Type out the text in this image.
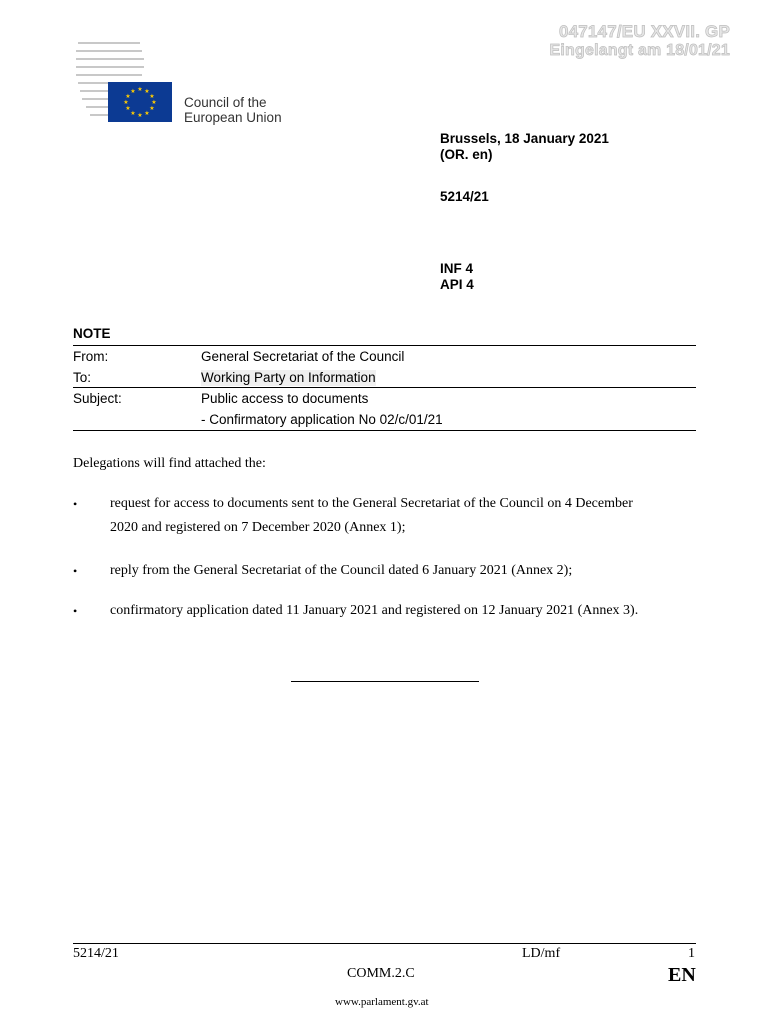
047147/EU XXVII. GP
Eingelangt am 18/01/21
★ ★
★
★
★
★
★
★
★
★
★
★
Council of the
European Union
Brussels, 18 January 2021
(OR. en)
5214/21
INF 4
API 4
NOTE
From:	General Secretariat of the Council
To:	Working Party on Information
Subject:	Public access to documents
- Confirmatory application No 02/c/01/21
Delegations will find attached the:
• request for access to documents sent to the General Secretariat of the Council on 4 December
2020 and registered on 7 December 2020 (Annex 1);
• reply from the General Secretariat of the Council dated 6 January 2021 (Annex 2);
• confirmatory application dated 11 January 2021 and registered on 12 January 2021 (Annex 3).
5214/21	LD/mf	1
COMM.2.C	EN
www.parlament.gv.at
